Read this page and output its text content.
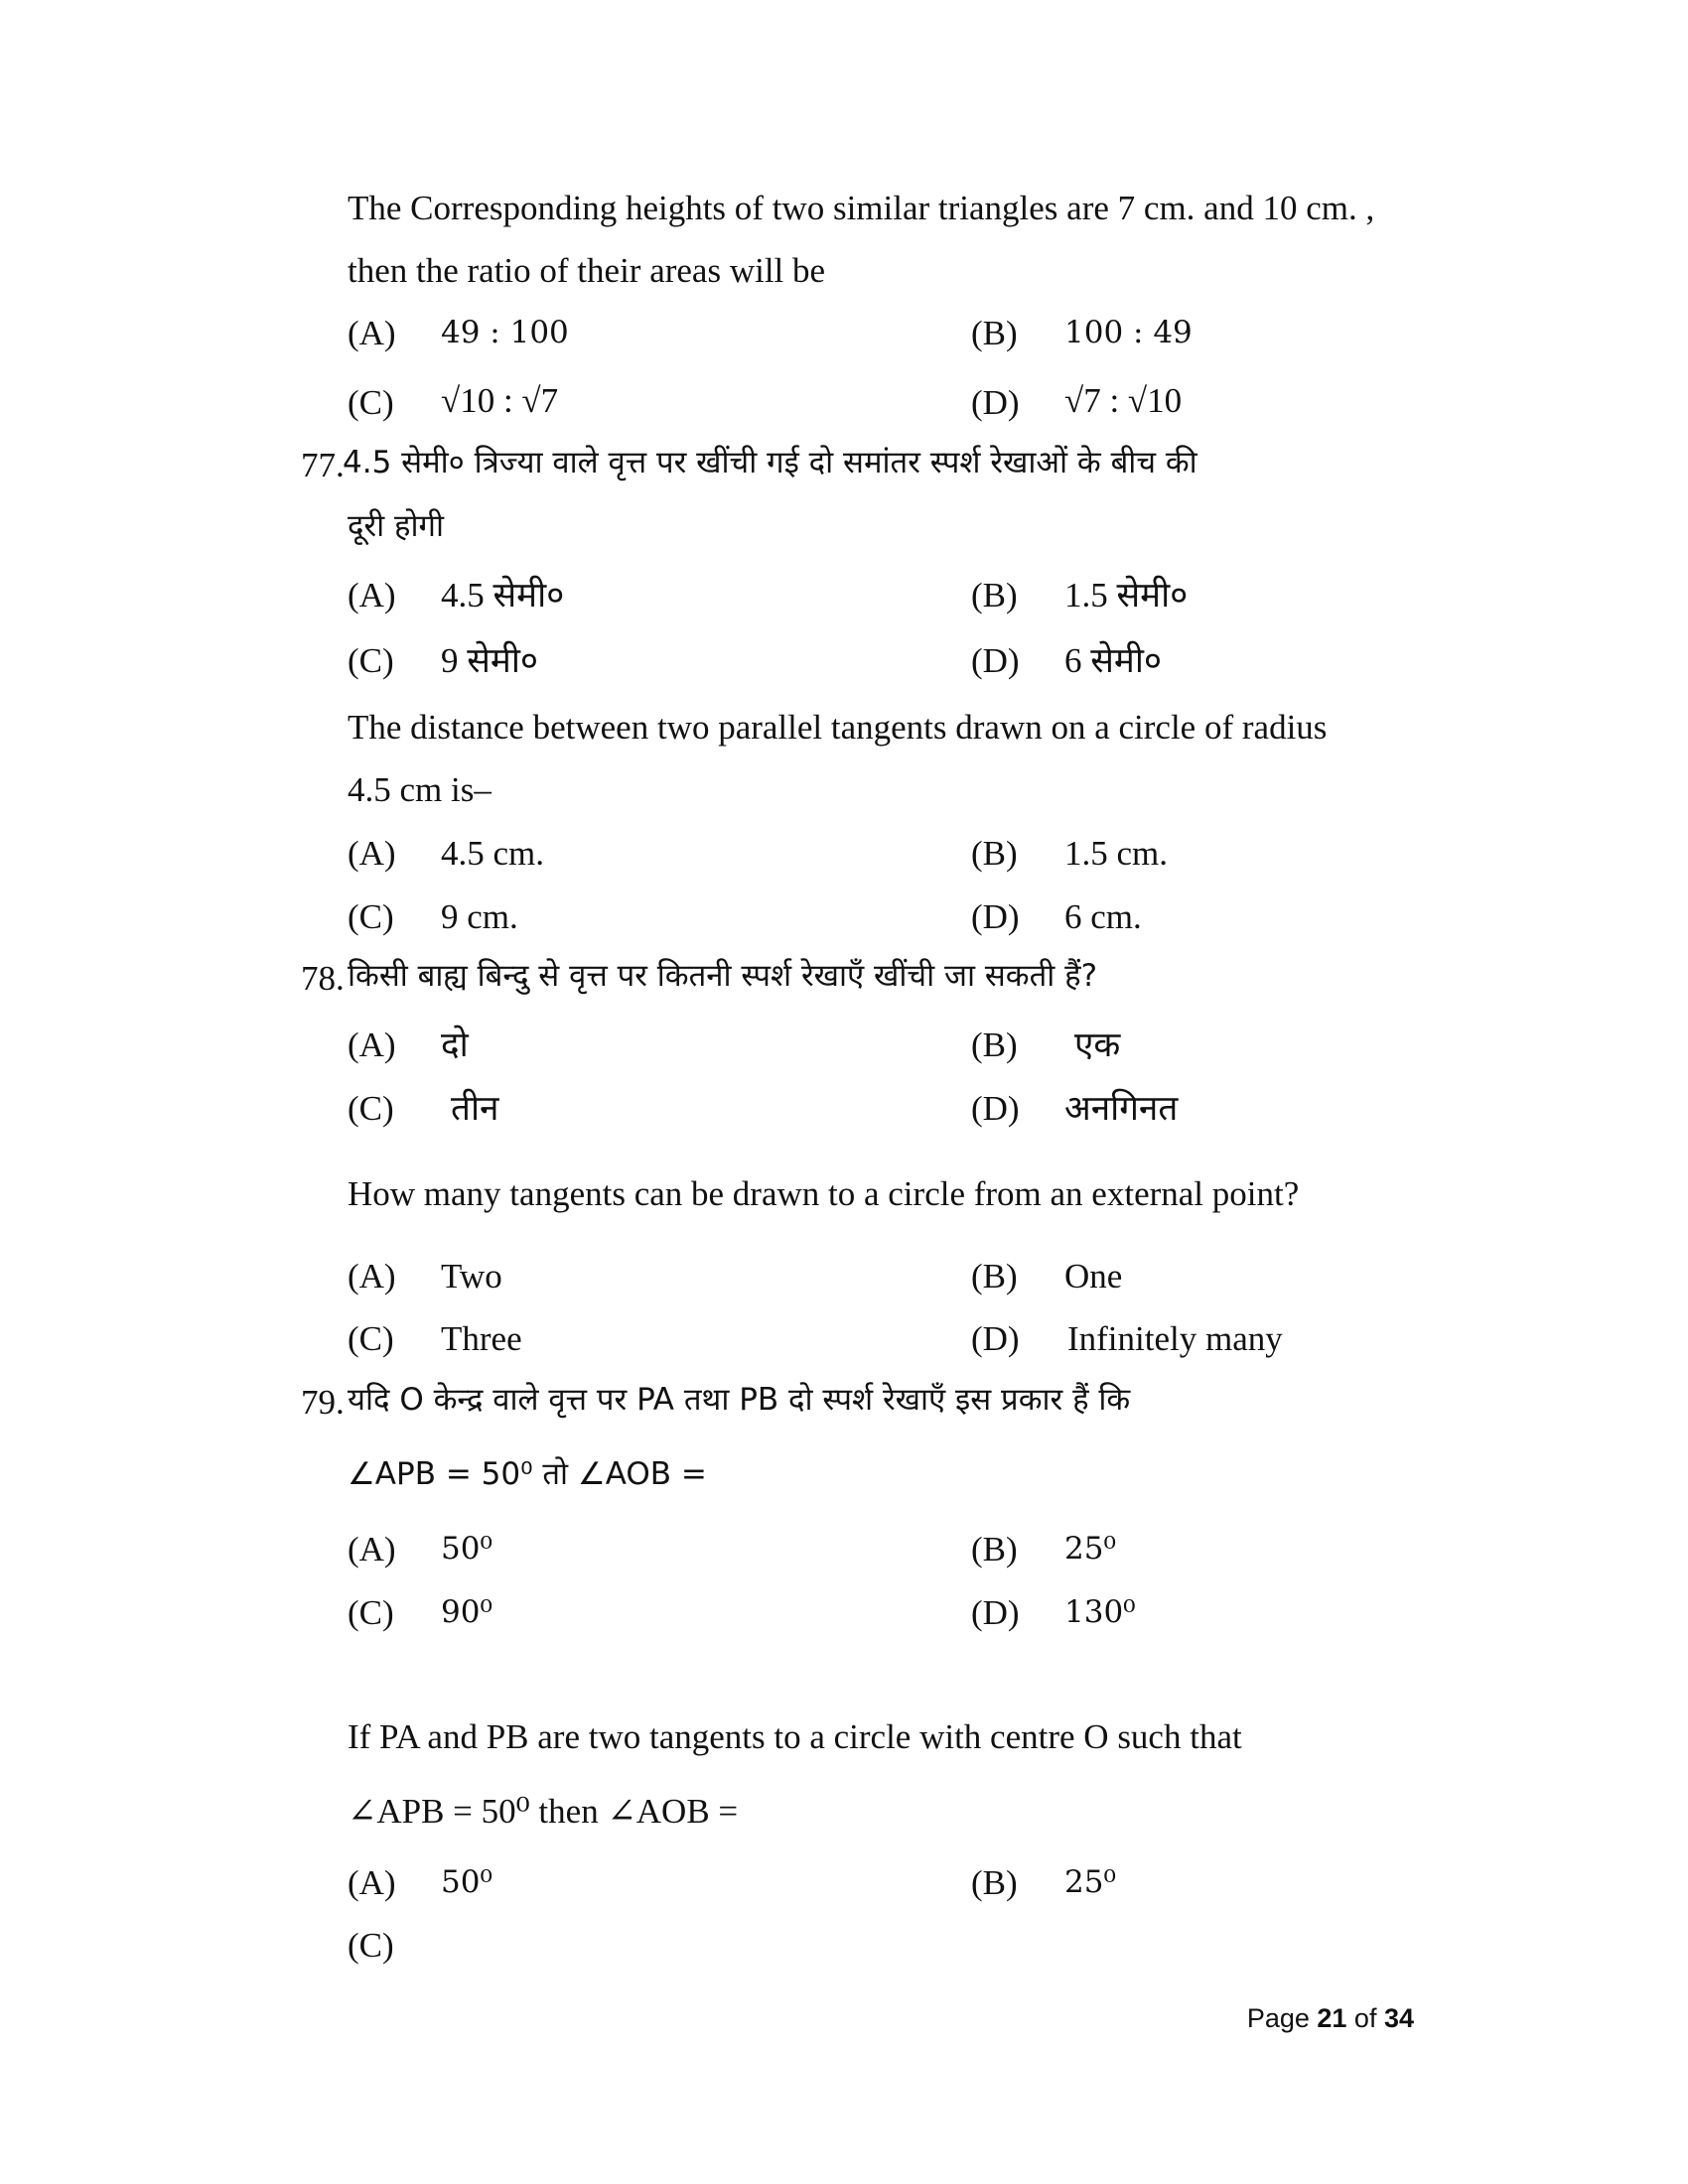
The Corresponding heights of two similar triangles are 7 cm. and 10 cm. ,
then the ratio of their areas will be
(A) 49 : 100	(B) 100 : 49
(C) √10 : √7	(D) √7 : √10
77.
4.5 सेमी० त्रिज्या वाले वृत्त पर खींची गई दो समांतर स्पर्श रेखाओं के बीच की
दूरी होगी
(A) 4.5 सेमी०	(B) 1.5 सेमी०
(C) 9 सेमी०	(D) 6 सेमी०
The distance between two parallel tangents drawn on a circle of radius
4.5 cm is–
(A) 4.5 cm.	(B) 1.5 cm.
(C) 9 cm.	(D) 6 cm.
78. किसी बाह्य बिन्दु से वृत्त पर कितनी स्पर्श रेखाएँ खींची जा सकती हैं?
(A) दो	(B) एक
(C) तीन	(D) अनगिनत
How many tangents can be drawn to a circle from an external point?
(A) Two	(B) One
(C) Three	(D) Infinitely many
79. यदि O केन्द्र वाले वृत्त पर PA तथा PB दो स्पर्श रेखाएँ इस प्रकार हैं कि
∠APB = 50⁰ तो ∠AOB =
(A) 50⁰	(B) 25⁰
(C) 90⁰	(D) 130⁰
If PA and PB are two tangents to a circle with centre O such that
∠APB = 50⁰ then ∠AOB =
(A) 50⁰	(B) 25⁰
(C)
Page 21 of 34
